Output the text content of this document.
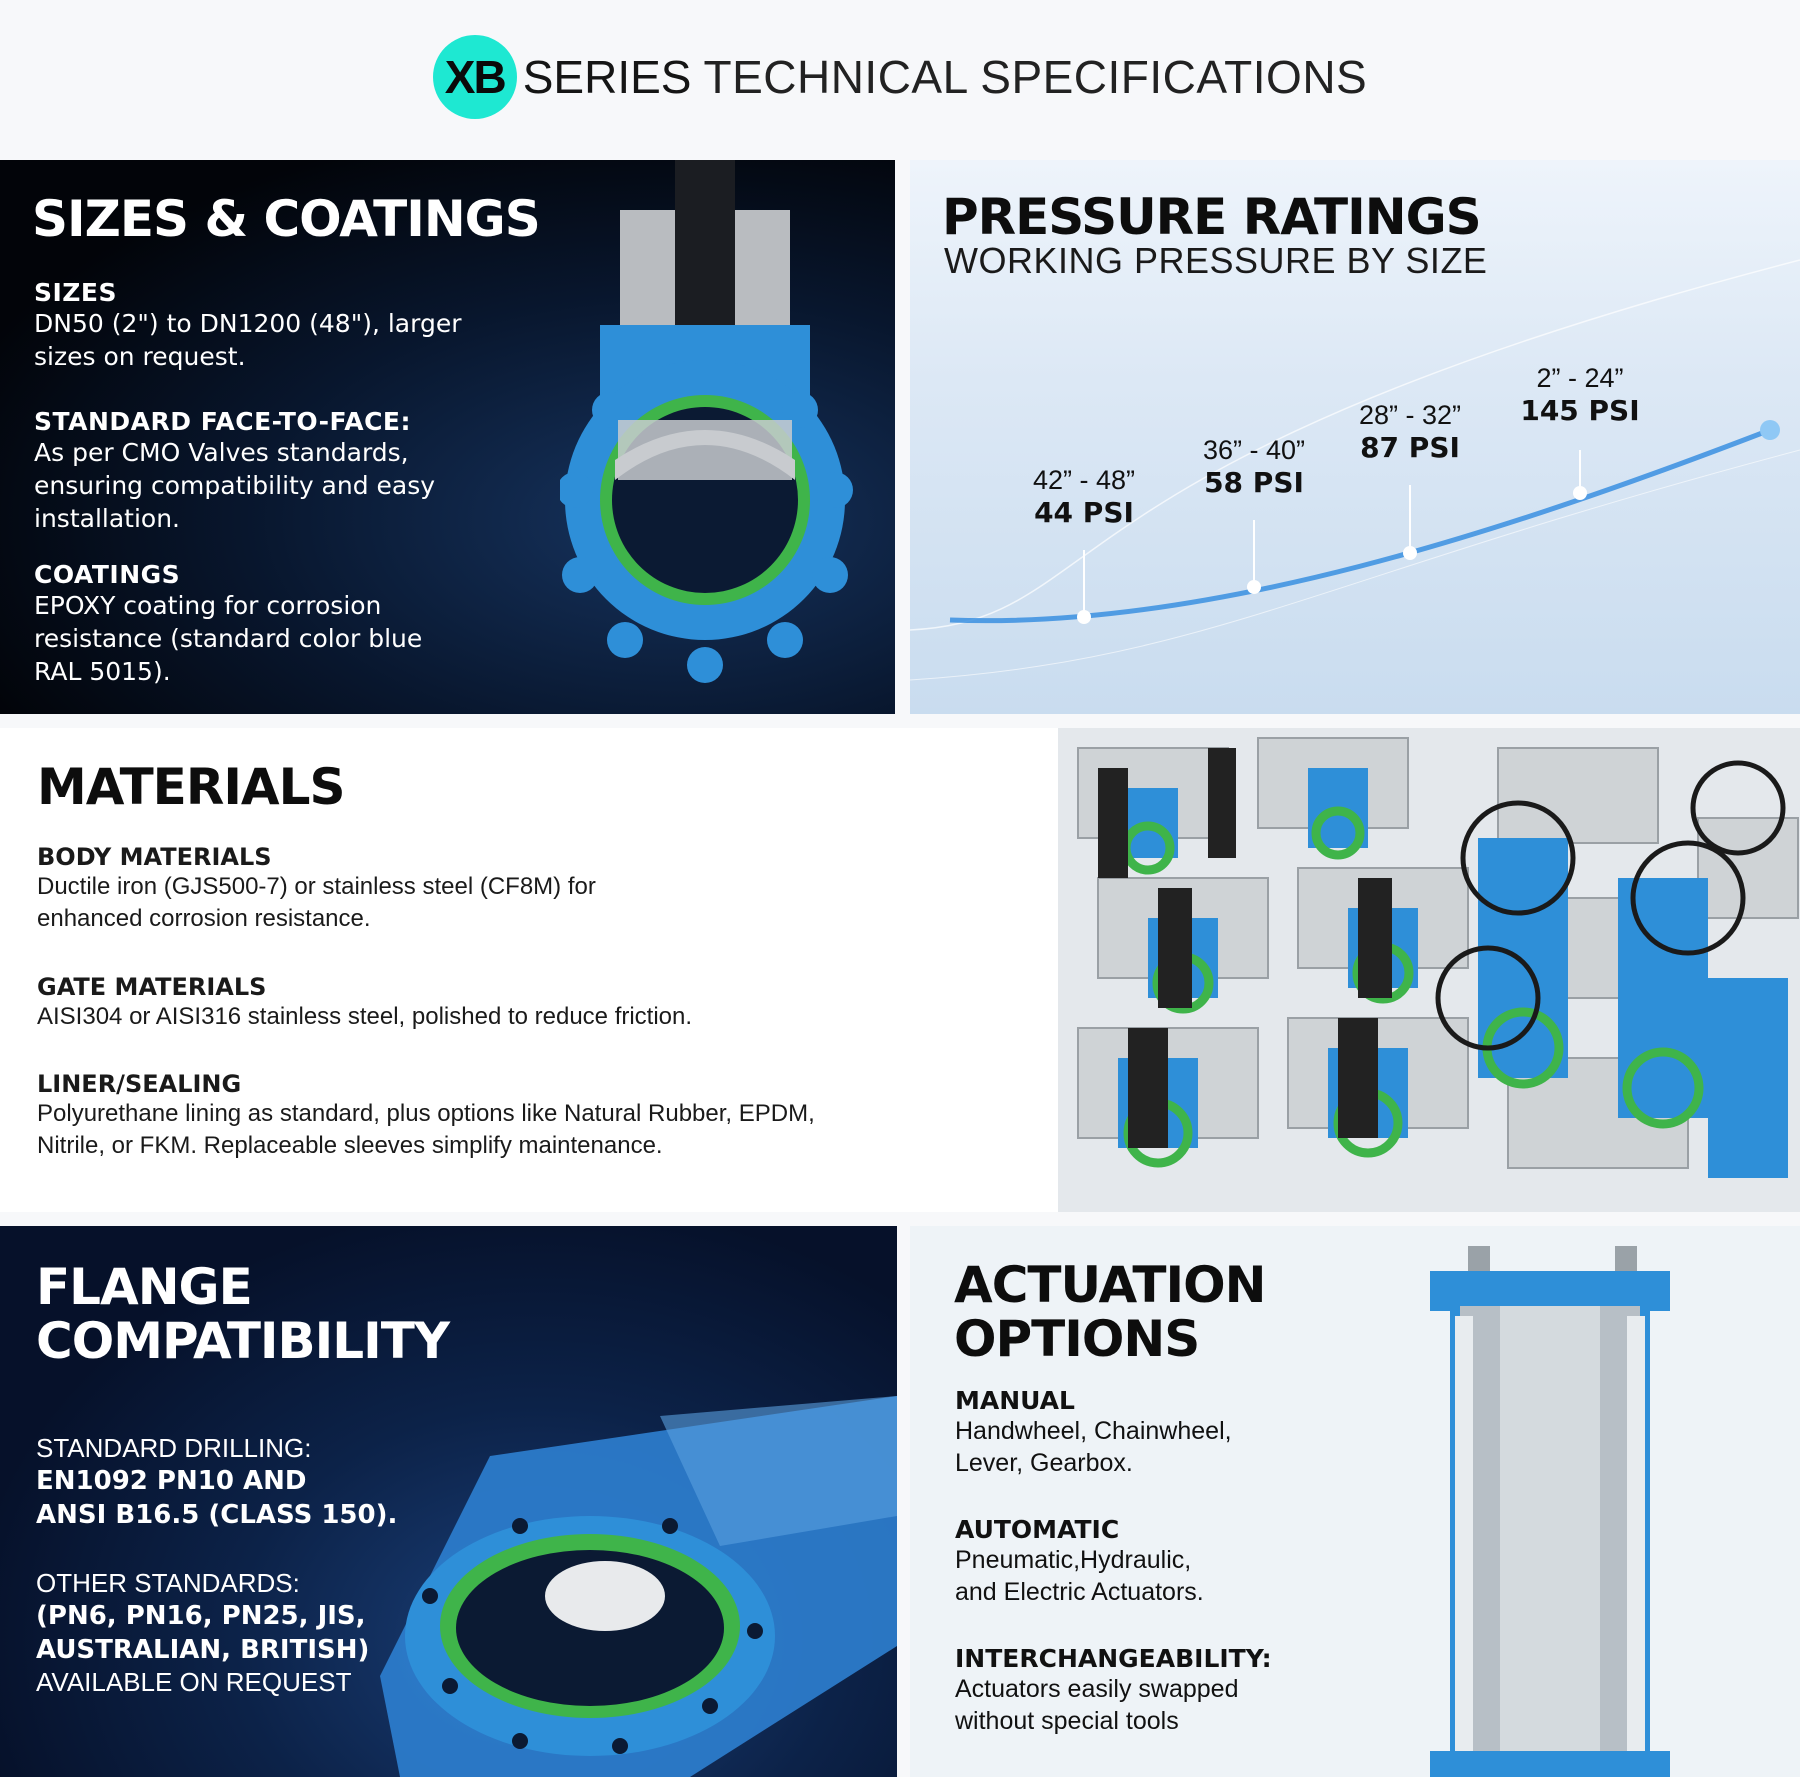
XB SERIES TECHNICAL SPECIFICATIONS
SIZES & COATINGS
SIZES
DN50 (2") to DN1200 (48"), larger sizes on request.
STANDARD FACE-TO-FACE:
As per CMO Valves standards, ensuring compatibility and easy installation.
COATINGS
EPOXY coating for corrosion resistance (standard color blue RAL 5015).
PRESSURE RATINGS
WORKING PRESSURE BY SIZE
42” - 48”
44 PSI
36” - 40”
58 PSI
28” - 32”
87 PSI
2” - 24”
145 PSI
MATERIALS
BODY MATERIALS
Ductile iron (GJS500-7) or stainless steel (CF8M) for enhanced corrosion resistance.
GATE MATERIALS
AISI304 or AISI316 stainless steel, polished to reduce friction.
LINER/SEALING
Polyurethane lining as standard, plus options like Natural Rubber, EPDM, Nitrile, or FKM. Replaceable sleeves simplify maintenance.
FLANGE
COMPATIBILITY
STANDARD DRILLING:
EN1092 PN10 AND
ANSI B16.5 (CLASS 150).
OTHER STANDARDS:
(PN6, PN16, PN25, JIS,
AUSTRALIAN, BRITISH)
AVAILABLE ON REQUEST
ACTUATION
OPTIONS
MANUAL
Handwheel, Chainwheel,
Lever, Gearbox.
AUTOMATIC
Pneumatic,Hydraulic,
and Electric Actuators.
INTERCHANGEABILITY:
Actuators easily swapped
without special tools
